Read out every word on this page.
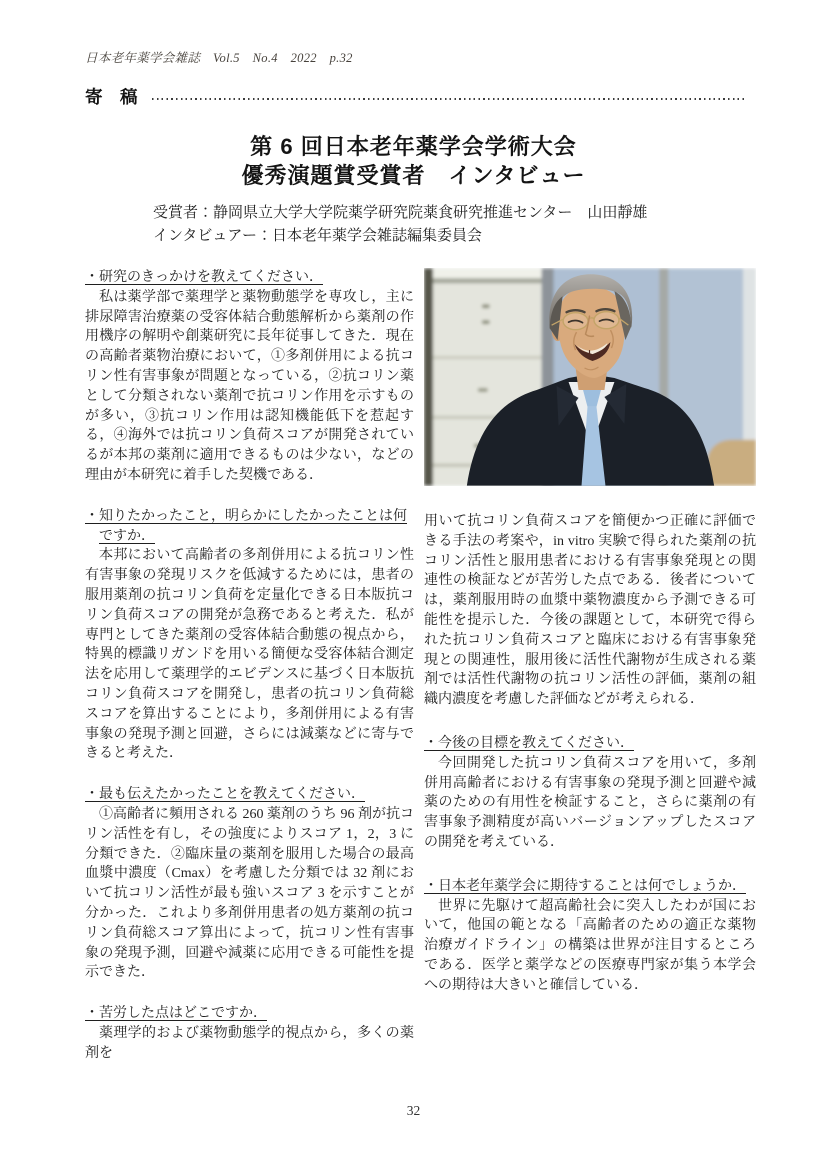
日本老年薬学会雑誌　Vol.5　No.4　2022　p.32
寄　稿
第 6 回日本老年薬学会学術大会
優秀演題賞受賞者　インタビュー
受賞者：静岡県立大学大学院薬学研究院薬食研究推進センター　山田靜雄
インタビュアー：日本老年薬学会雑誌編集委員会
・研究のきっかけを教えてください．

私は薬学部で薬理学と薬物動態学を専攻し，主に排尿障害治療薬の受容体結合動態解析から薬剤の作用機序の解明や創薬研究に長年従事してきた．現在の高齢者薬物治療において，①多剤併用による抗コリン性有害事象が問題となっている，②抗コリン薬として分類されない薬剤で抗コリン作用を示すものが多い，③抗コリン作用は認知機能低下を惹起する，④海外では抗コリン負荷スコアが開発されているが本邦の薬剤に適用できるものは少ない，などの理由が本研究に着手した契機である．

・知りたかったこと，明らかにしたかったことは何ですか．

本邦において高齢者の多剤併用による抗コリン性有害事象の発現リスクを低減するためには，患者の服用薬剤の抗コリン負荷を定量化できる日本版抗コリン負荷スコアの開発が急務であると考えた．私が専門としてきた薬剤の受容体結合動態の視点から，特異的標識リガンドを用いる簡便な受容体結合測定法を応用して薬理学的エビデンスに基づく日本版抗コリン負荷スコアを開発し，患者の抗コリン負荷総スコアを算出することにより，多剤併用による有害事象の発現予測と回避，さらには減薬などに寄与できると考えた．

・最も伝えたかったことを教えてください．

①高齢者に頻用される 260 薬剤のうち 96 剤が抗コリン活性を有し，その強度によりスコア 1，2，3 に分類できた．②臨床量の薬剤を服用した場合の最高血漿中濃度（Cmax）を考慮した分類では 32 剤において抗コリン活性が最も強いスコア 3 を示すことが分かった．これより多剤併用患者の処方薬剤の抗コリン負荷総スコア算出によって，抗コリン性有害事象の発現予測，回避や減薬に応用できる可能性を提示できた．

・苦労した点はどこですか．

薬理学的および薬物動態学的視点から，多くの薬剤を

用いて抗コリン負荷スコアを簡便かつ正確に評価できる手法の考案や，in vitro 実験で得られた薬剤の抗コリン活性と服用患者における有害事象発現との関連性の検証などが苦労した点である．後者については，薬剤服用時の血漿中薬物濃度から予測できる可能性を提示した．今後の課題として，本研究で得られた抗コリン負荷スコアと臨床における有害事象発現との関連性，服用後に活性代謝物が生成される薬剤では活性代謝物の抗コリン活性の評価，薬剤の組織内濃度を考慮した評価などが考えられる．

・今後の目標を教えてください．

今回開発した抗コリン負荷スコアを用いて，多剤併用高齢者における有害事象の発現予測と回避や減薬のための有用性を検証すること，さらに薬剤の有害事象予測精度が高いバージョンアップしたスコアの開発を考えている．

・日本老年薬学会に期待することは何でしょうか．

世界に先駆けて超高齢社会に突入したわが国において，他国の範となる「高齢者のための適正な薬物治療ガイドライン」の構築は世界が注目するところである．医学と薬学などの医療専門家が集う本学会への期待は大きいと確信している．

32
